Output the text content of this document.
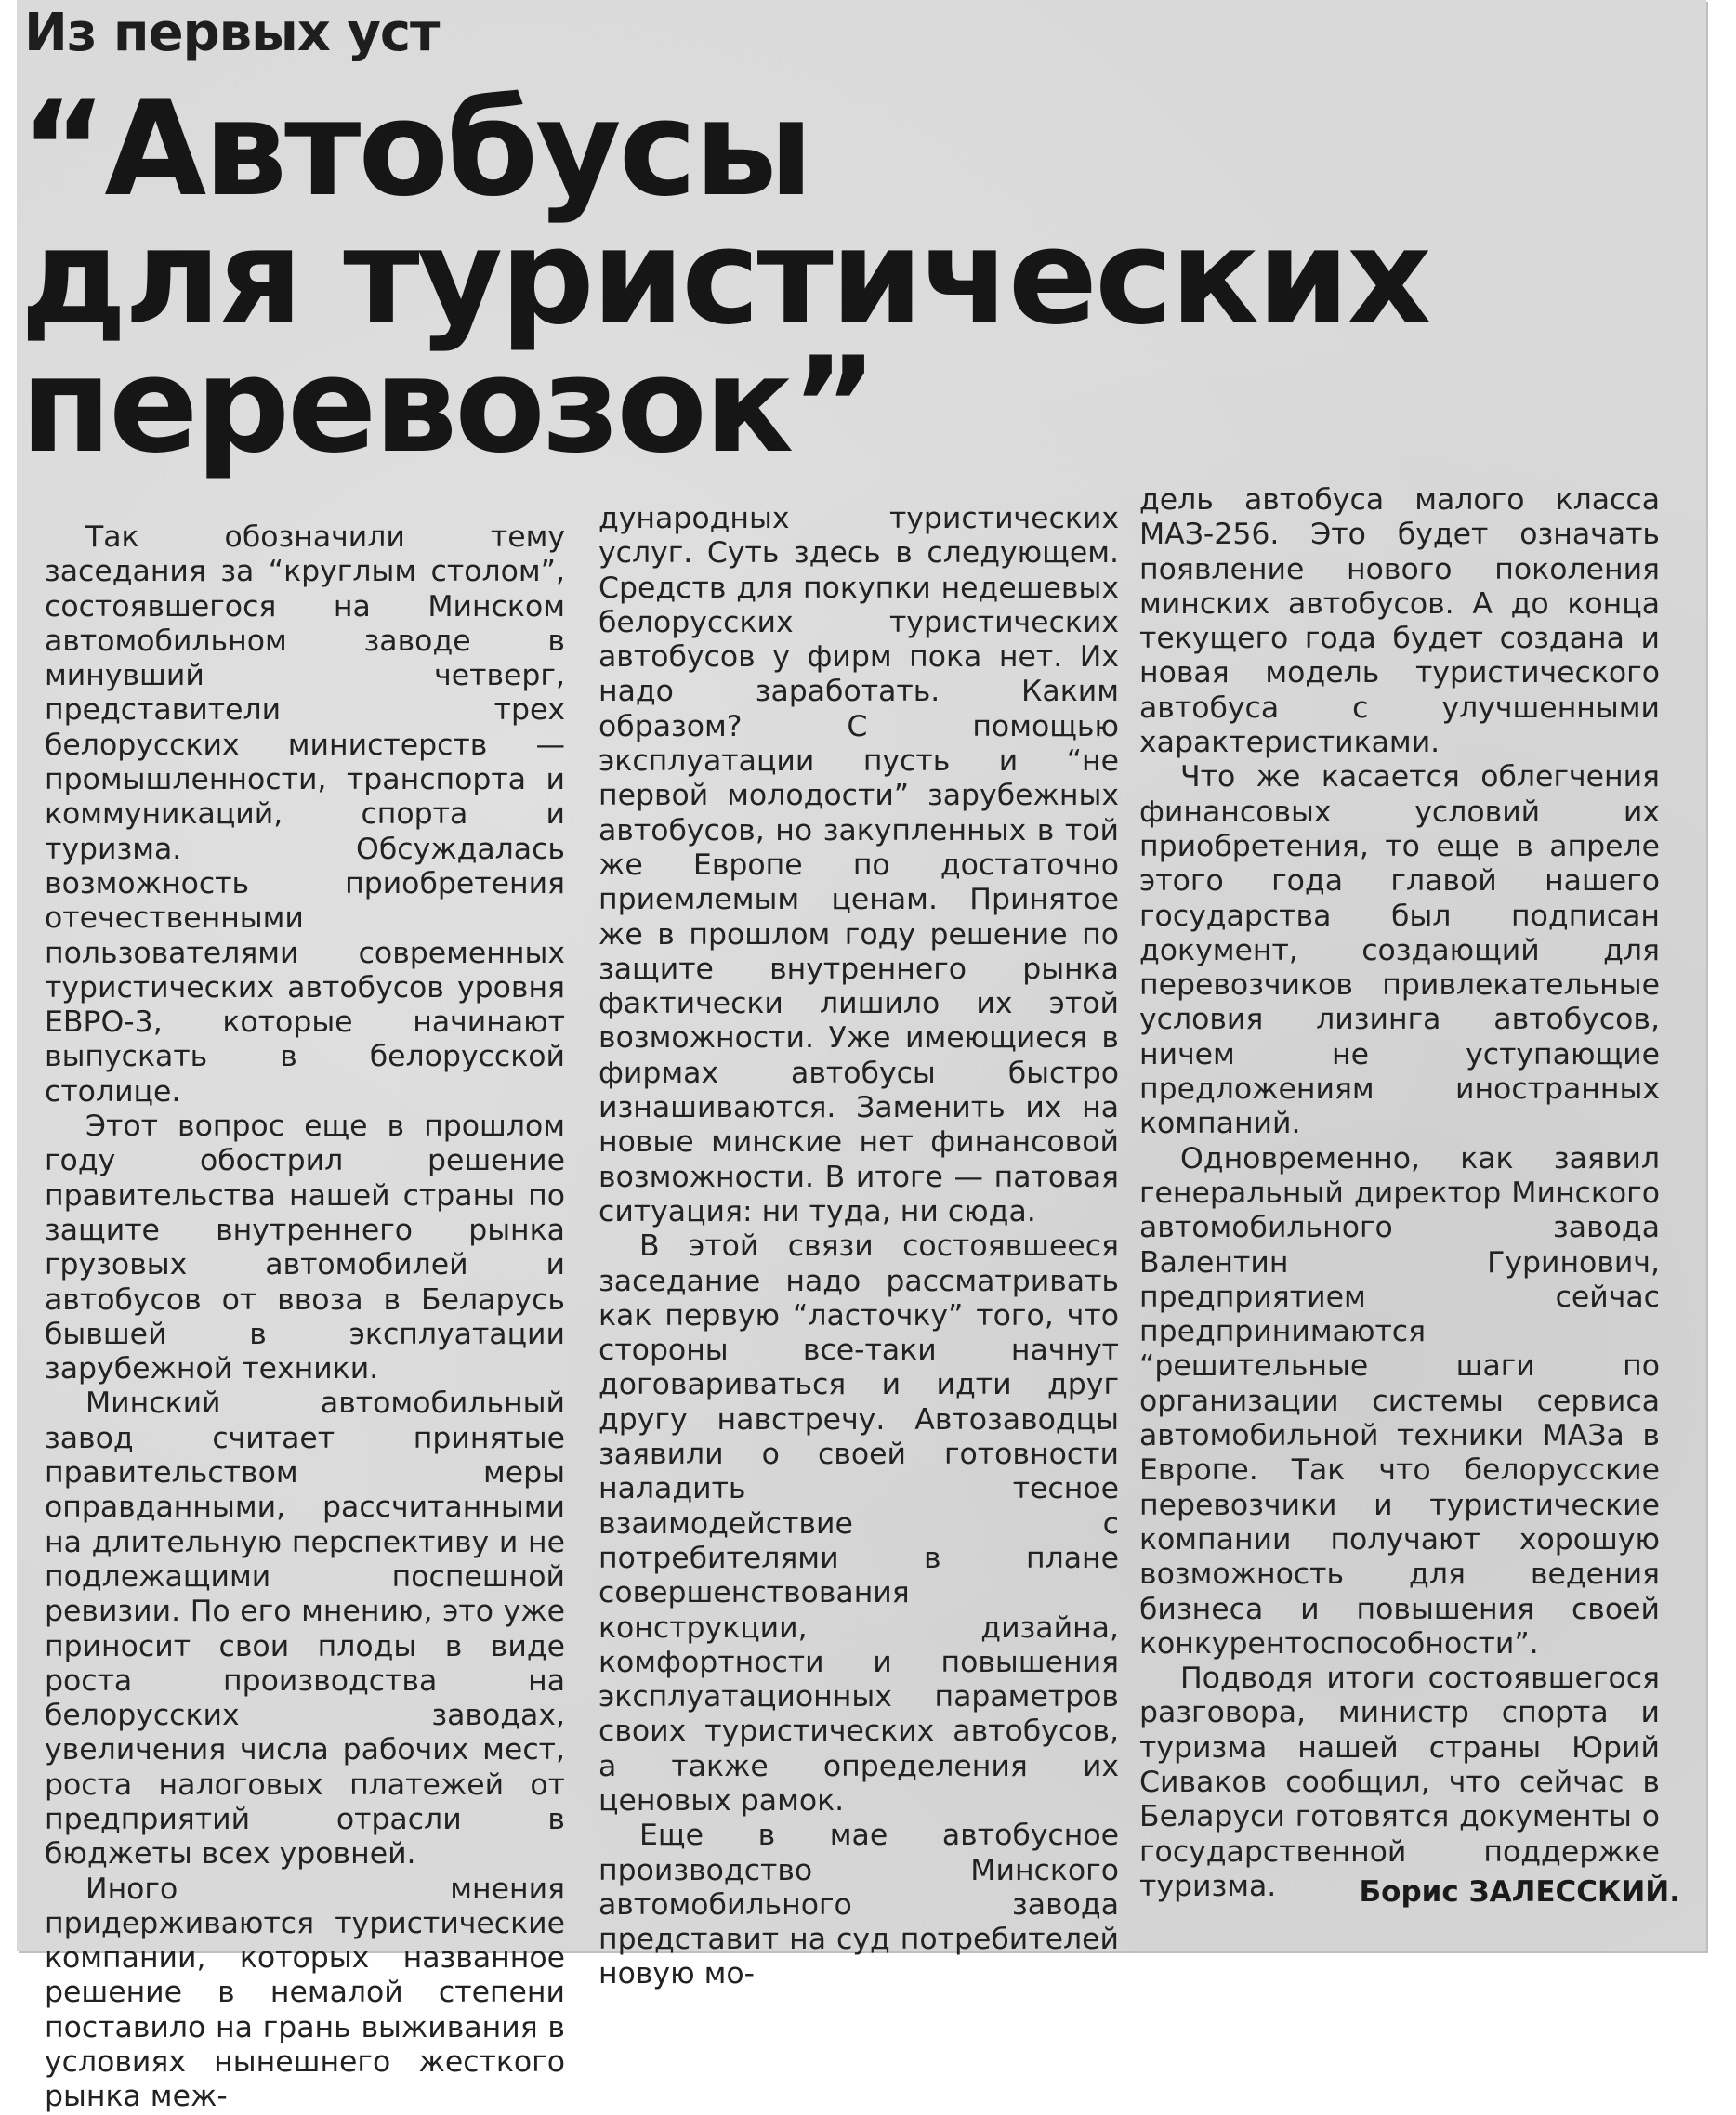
Из первых уст
“Автобусы
для туристических
перевозок”

Так обозначили тему заседания за “круглым столом”, состоявшегося на Минском автомобильном заводе в минувший четверг, представители трех белорусских министерств — промышленности, транспорта и коммуникаций, спорта и туризма. Обсуждалась возможность приобретения отечественными пользователями современных туристических автобусов уровня ЕВРО-3, которые начинают выпускать в белорусской столице.

Этот вопрос еще в прошлом году обострил решение правительства нашей страны по защите внутреннего рынка грузовых автомобилей и автобусов от ввоза в Беларусь бывшей в эксплуатации зарубежной техники.

Минский автомобильный завод считает принятые правительством меры оправданными, рассчитанными на длительную перспективу и не подлежащими поспешной ревизии. По его мнению, это уже приносит свои плоды в виде роста производства на белорусских заводах, увеличения числа рабочих мест, роста налоговых платежей от предприятий отрасли в бюджеты всех уровней.

Иного мнения придерживаются туристические компании, которых названное решение в немалой степени поставило на грань выживания в условиях нынешнего жесткого рынка меж-

дународных туристических услуг. Суть здесь в следующем. Средств для покупки недешевых белорусских туристических автобусов у фирм пока нет. Их надо заработать. Каким образом? С помощью эксплуатации пусть и “не первой молодости” зарубежных автобусов, но закупленных в той же Европе по достаточно приемлемым ценам. Принятое же в прошлом году решение по защите внутреннего рынка фактически лишило их этой возможности. Уже имеющиеся в фирмах автобусы быстро изнашиваются. Заменить их на новые минские нет финансовой возможности. В итоге — патовая ситуация: ни туда, ни сюда.

В этой связи состоявшееся заседание надо рассматривать как первую “ласточку” того, что стороны все-таки начнут договариваться и идти друг другу навстречу. Автозаводцы заявили о своей готовности наладить тесное взаимодействие с потребителями в плане совершенствования конструкции, дизайна, комфортности и повышения эксплуатационных параметров своих туристических автобусов, а также определения их ценовых рамок.

Еще в мае автобусное производство Минского автомобильного завода представит на суд потребителей новую мо-

дель автобуса малого класса МАЗ-256. Это будет означать появление нового поколения минских автобусов. А до конца текущего года будет создана и новая модель туристического автобуса с улучшенными характеристиками.

Что же касается облегчения финансовых условий их приобретения, то еще в апреле этого года главой нашего государства был подписан документ, создающий для перевозчиков привлекательные условия лизинга автобусов, ничем не уступающие предложениям иностранных компаний.

Одновременно, как заявил генеральный директор Минского автомобильного завода Валентин Гуринович, предприятием сейчас предпринимаются “решительные шаги по организации системы сервиса автомобильной техники МАЗа в Европе. Так что белорусские перевозчики и туристические компании получают хорошую возможность для ведения бизнеса и повышения своей конкурентоспособности”.

Подводя итоги состоявшегося разговора, министр спорта и туризма нашей страны Юрий Сиваков сообщил, что сейчас в Беларуси готовятся документы о государственной поддержке туризма.	Борис ЗАЛЕССКИЙ.
